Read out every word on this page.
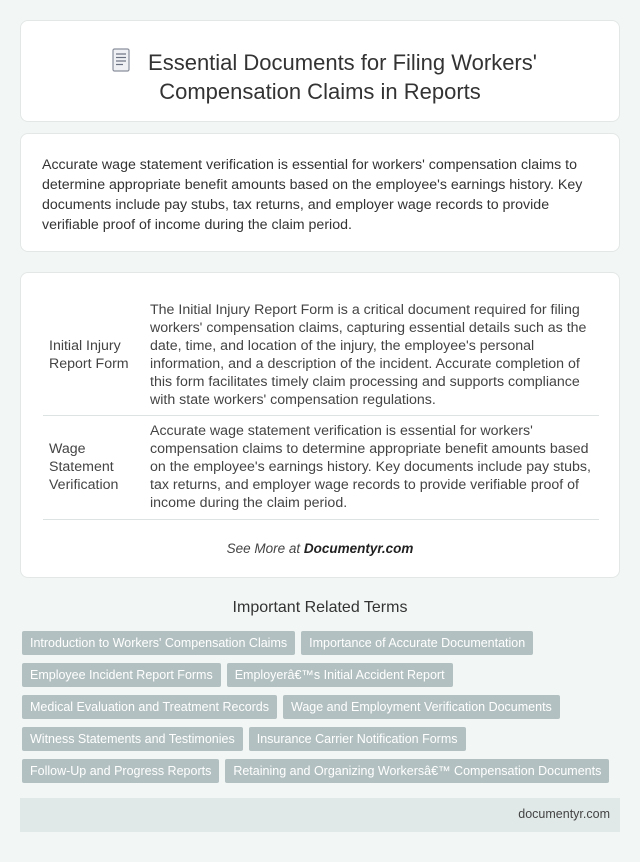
Essential Documents for Filing Workers'
Compensation Claims in Reports

Accurate wage statement verification is essential for workers' compensation claims to determine appropriate benefit amounts based on the employee's earnings history. Key documents include pay stubs, tax returns, and employer wage records to provide verifiable proof of income during the claim period.

Initial Injury Report Form	The Initial Injury Report Form is a critical document required for filing workers' compensation claims, capturing essential details such as the date, time, and location of the injury, the employee's personal information, and a description of the incident. Accurate completion of this form facilitates timely claim processing and supports compliance with state workers' compensation regulations.
Wage Statement Verification	Accurate wage statement verification is essential for workers' compensation claims to determine appropriate benefit amounts based on the employee's earnings history. Key documents include pay stubs, tax returns, and employer wage records to provide verifiable proof of income during the claim period.
See More at Documentyr.com
Important Related Terms
Introduction to Workers' Compensation Claims Importance of Accurate Documentation
Employee Incident Report Forms Employerâ€™s Initial Accident Report
Medical Evaluation and Treatment Records Wage and Employment Verification Documents
Witness Statements and Testimonies Insurance Carrier Notification Forms
Follow-Up and Progress Reports Retaining and Organizing Workersâ€™ Compensation Documents
documentyr.com
